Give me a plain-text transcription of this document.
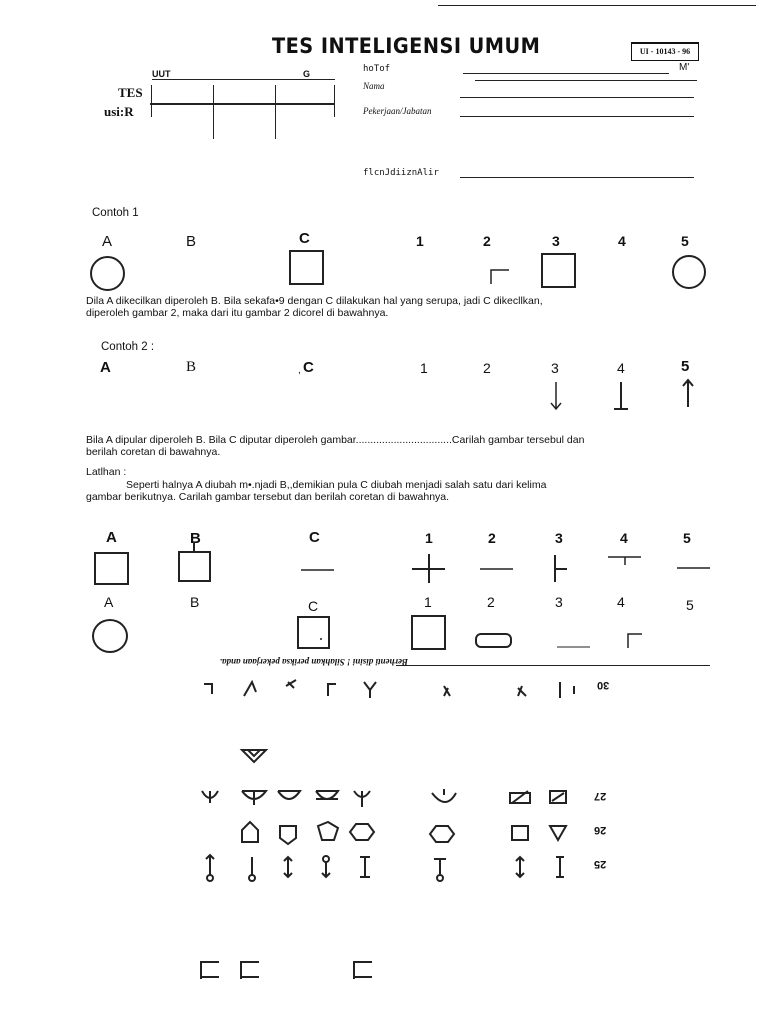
TES INTELIGENSI UMUM	UI - 10143 - 96
UUT	G
TES
usi:R
hoTof	M'
Nama
Pekerjaan/Jabatan
flcnJdiiznAlir
Contoh 1
A	B	C	1	2	3	4	5
Dila A dikecilkan diperoleh B. Bila sekafa•9 dengan C dilakukan hal yang serupa, jadi C dikecllkan, diperoleh gambar 2, maka dari itu gambar 2 dicorel di bawahnya.
Contoh 2 :
A	B	, C	1	2	3	4	5
Bila A dipular diperoleh B. Bila C diputar diperoleh gambar.................................Carilah gambar tersebul dan berilah coretan di bawahnya.
Latlhan :
Seperti halnya A diubah m•.njadi B,,demikian pula C diubah menjadi salah satu dari kelima gambar berikutnya. Carilah gambar tersebut dan berilah coretan di bawahnya.
A	B	C	1	2	3	4	5
A	B	C	1	2	3	4	5
Berhenti disini ! Silahkan periksa pekerjaan anda.
30
27
26
25
